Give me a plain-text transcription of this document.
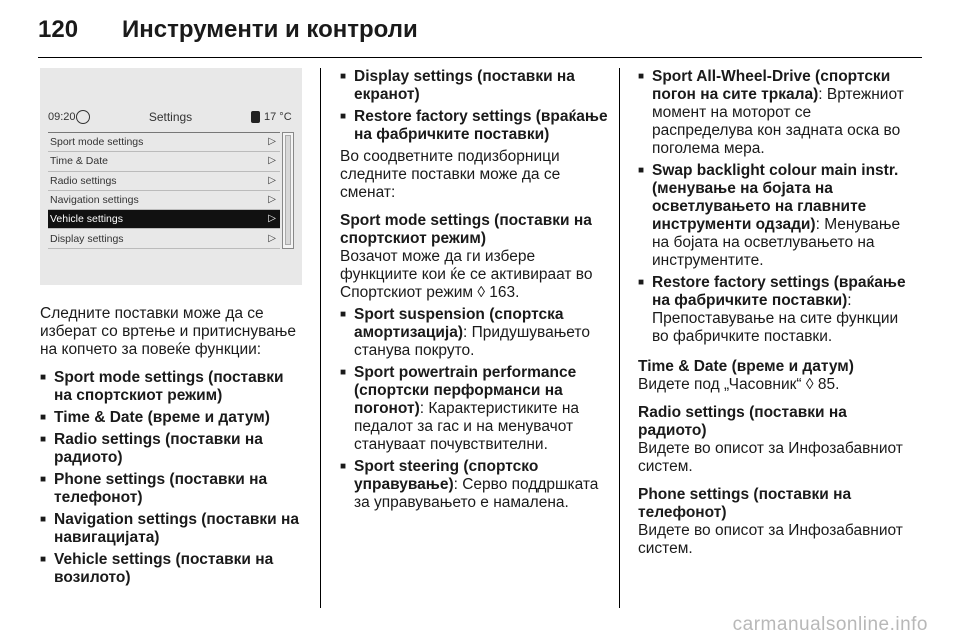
120	Инструменти и контроли
09:20	Settings	17 °C
Sport mode settings	▷
Time & Date	▷
Radio settings	▷
Navigation settings	▷
Vehicle settings	▷
Display settings	▷

Следните поставки може да се изберат со вртење и притиснување на копчето за повеќе функции:

■ Sport mode settings (поставки на спортскиот режим)
■ Time & Date (време и датум)
■ Radio settings (поставки на радиото)
■ Phone settings (поставки на телефонот)
■ Navigation settings (поставки на навигацијата)
■ Vehicle settings (поставки на возилото)
■ Display settings (поставки на екранот)
■ Restore factory settings (враќање на фабричките поставки)

Во соодветните подизборници следните поставки може да се сменат:

Sport mode settings (поставки на спортскиот режим)

Возачот може да ги избере функциите кои ќе се активираат во Спортскиот режим ◊ 163.

■ Sport suspension (спортска амортизација): Придушувањето станува покруто.
■ Sport powertrain performance (спортски перформанси на погонот): Карактеристиките на педалот за гас и на менувачот стануваат почувствителни.
■ Sport steering (спортско управување): Серво поддршката за управувањето е намалена.
■ Sport All-Wheel-Drive (спортски погон на сите тркала): Вртежниот момент на моторот се распределува кон задната оска во поголема мера.
■ Swap backlight colour main instr. (менување на бојата на осветлувањето на главните инструменти одзади): Менување на бојата на осветлувањето на инструментите.
■ Restore factory settings (враќање на фабричките поставки): Препоставување на сите функции во фабричките поставки.

Time & Date (време и датум)

Видете под „Часовник“ ◊ 85.

Radio settings (поставки на радиото)

Видете во описот за Инфозабавниот систем.

Phone settings (поставки на телефонот)

Видете во описот за Инфозабавниот систем.

carmanualsonline.info
